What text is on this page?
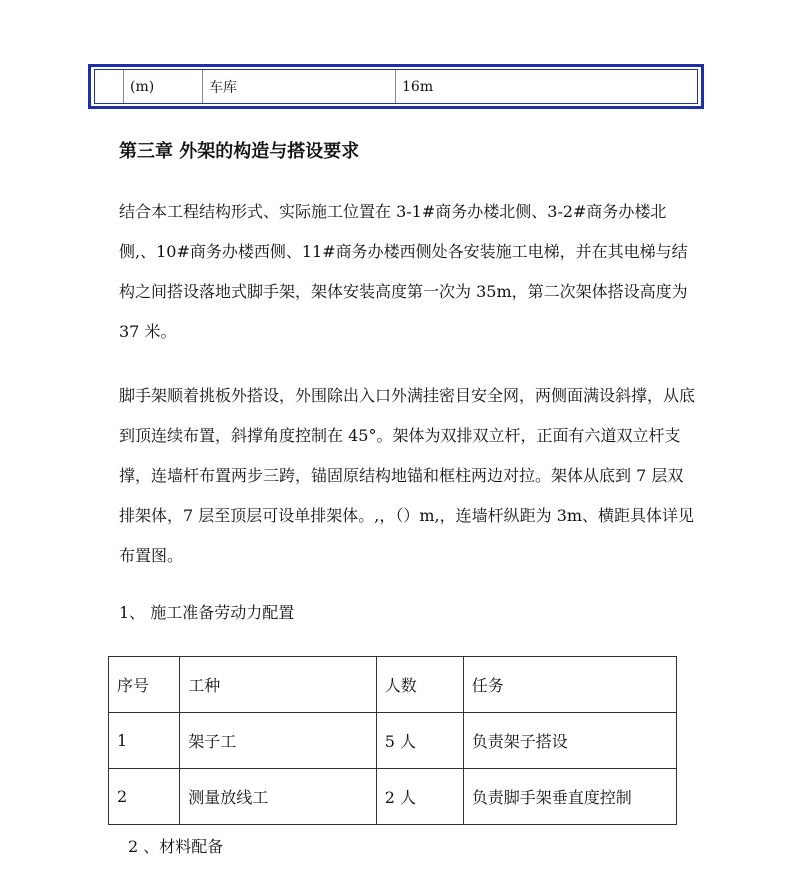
	(m)	车库	16m
第三章 外架的构造与搭设要求

结合本工程结构形式、实际施工位置在 3-1#商务办楼北侧、3-2#商务办楼北侧,、10#商务办楼西侧、11#商务办楼西侧处各安装施工电梯，并在其电梯与结构之间搭设落地式脚手架，架体安装高度第一次为 35m，第二次架体搭设高度为 37 米。

脚手架顺着挑板外搭设，外围除出入口外满挂密目安全网，两侧面满设斜撑，从底到顶连续布置，斜撑角度控制在 45°。架体为双排双立杆，正面有六道双立杆支撑，连墙杆布置两步三跨，锚固原结构地锚和框柱两边对拉。架体从底到 7 层双排架体，7 层至顶层可设单排架体。,，（）m,，连墙杆纵距为 3m、横距具体详见布置图。

1、 施工准备劳动力配置
序号	工种	人数	任务
1	架子工	5 人	负责架子搭设
2	测量放线工	2 人	负责脚手架垂直度控制
2 、材料配备
